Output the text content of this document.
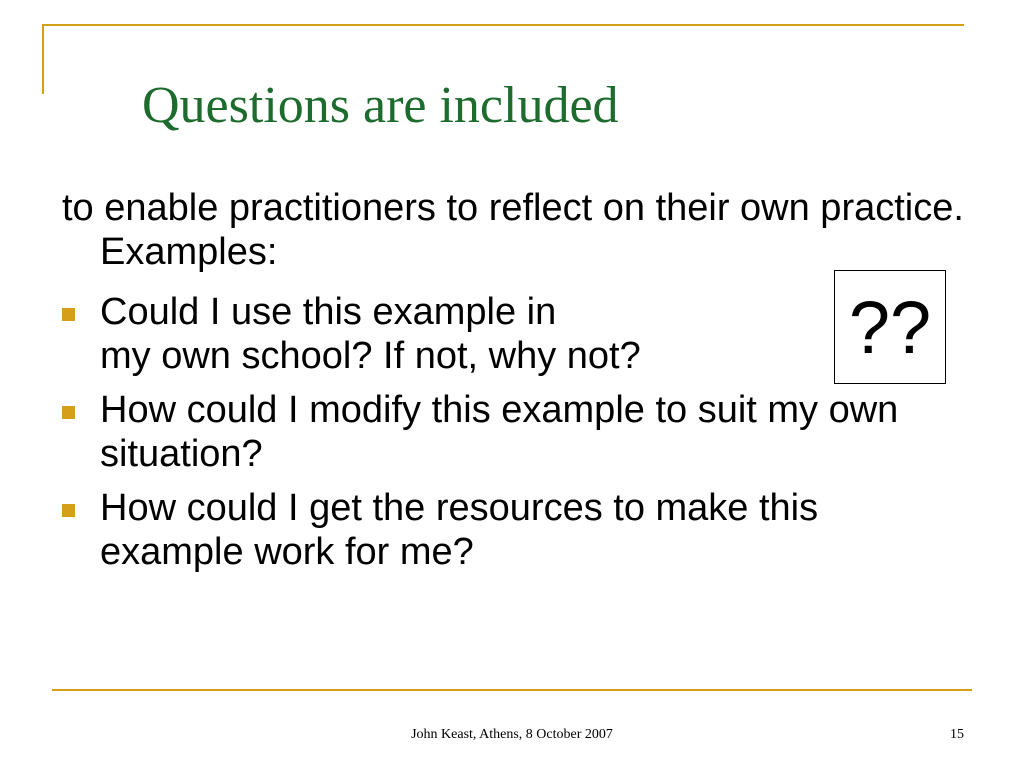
Questions are included
to enable practitioners to reflect on their own practice. Examples:
Could I use this example in
my own school? If not, why not?
How could I modify this example to suit my own situation?
How could I get the resources to make this example work for me?
??
John Keast, Athens, 8 October 2007	15
